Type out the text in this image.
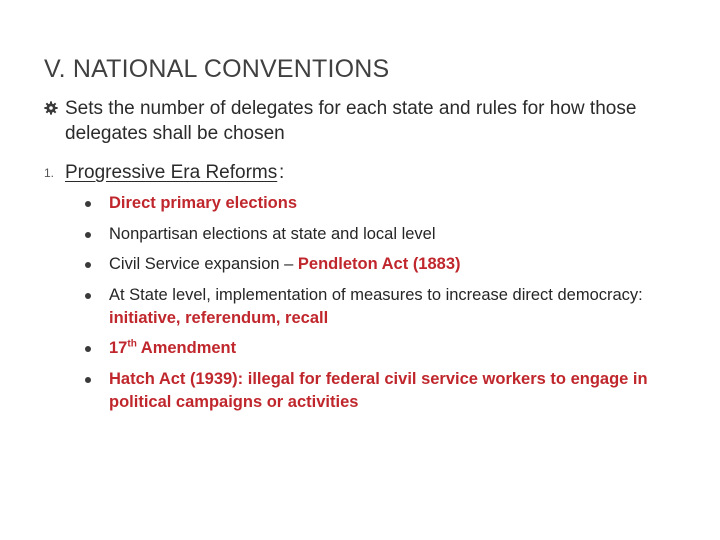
V. NATIONAL CONVENTIONS
Sets the number of delegates for each state and rules for how those delegates shall be chosen
1. Progressive Era Reforms :
Direct primary elections
Nonpartisan elections at state and local level
Civil Service expansion – Pendleton Act (1883)
At State level, implementation of measures to increase direct democracy: initiative, referendum, recall
17th Amendment
Hatch Act (1939): illegal for federal civil service workers to engage in political campaigns or activities
